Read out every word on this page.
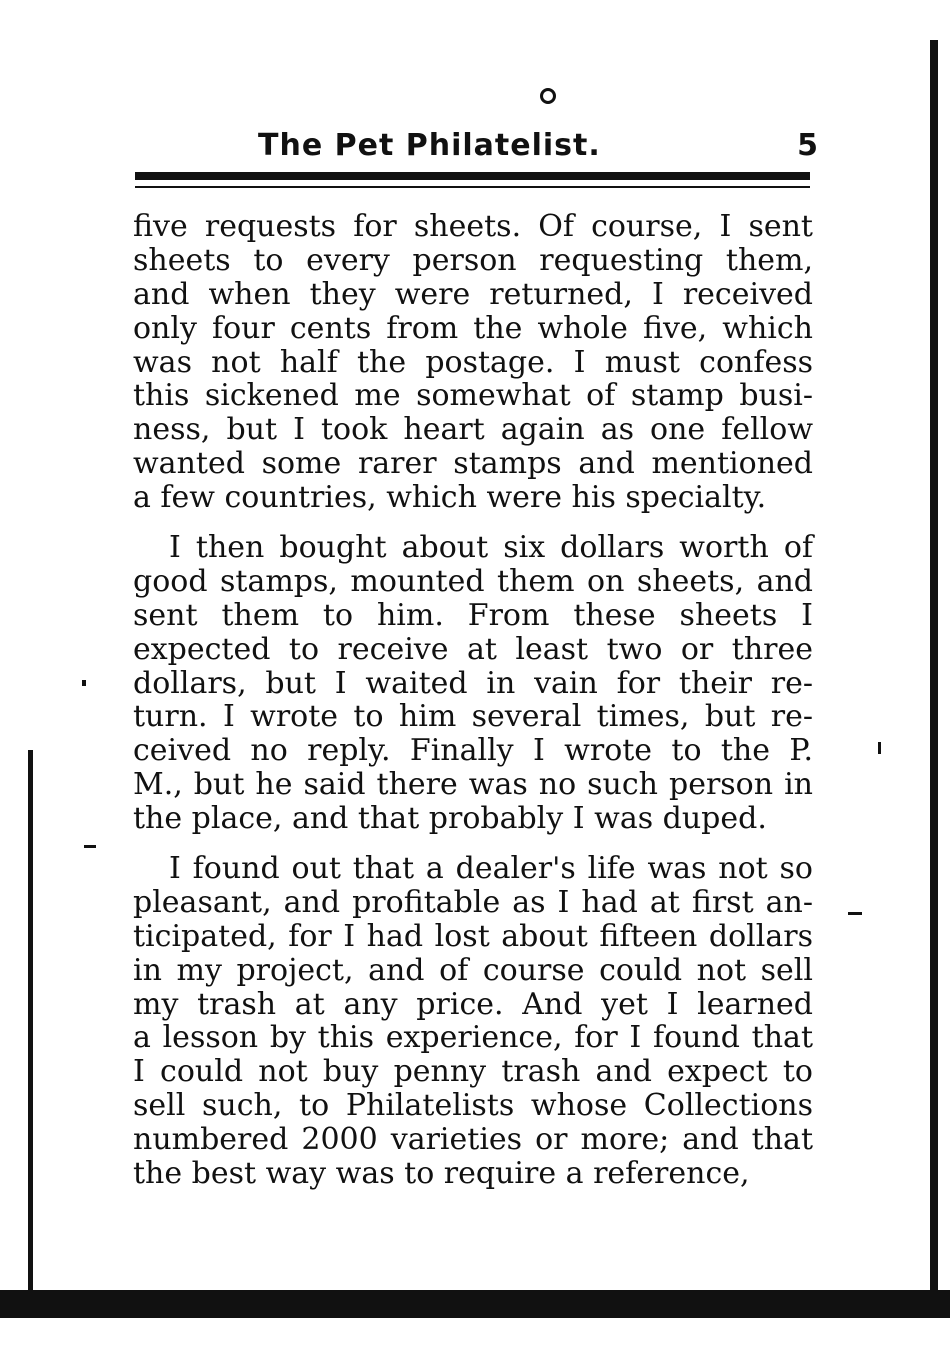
The Pet Philatelist.	5
five requests for sheets. Of course, I sent
sheets to every person requesting them,
and when they were returned, I received
only four cents from the whole five, which
was not half the postage. I must confess
this sickened me somewhat of stamp busi-
ness, but I took heart again as one fellow
wanted some rarer stamps and mentioned
a few countries, which were his specialty.
I then bought about six dollars worth of
good stamps, mounted them on sheets, and
sent them to him. From these sheets I
expected to receive at least two or three
dollars, but I waited in vain for their re-
turn. I wrote to him several times, but re-
ceived no reply. Finally I wrote to the P.
M., but he said there was no such person in
the place, and that probably I was duped.
I found out that a dealer's life was not so
pleasant, and profitable as I had at first an-
ticipated, for I had lost about fifteen dollars
in my project, and of course could not sell
my trash at any price. And yet I learned
a lesson by this experience, for I found that
I could not buy penny trash and expect to
sell such, to Philatelists whose Collections
numbered 2000 varieties or more; and that
the best way was to require a reference,
